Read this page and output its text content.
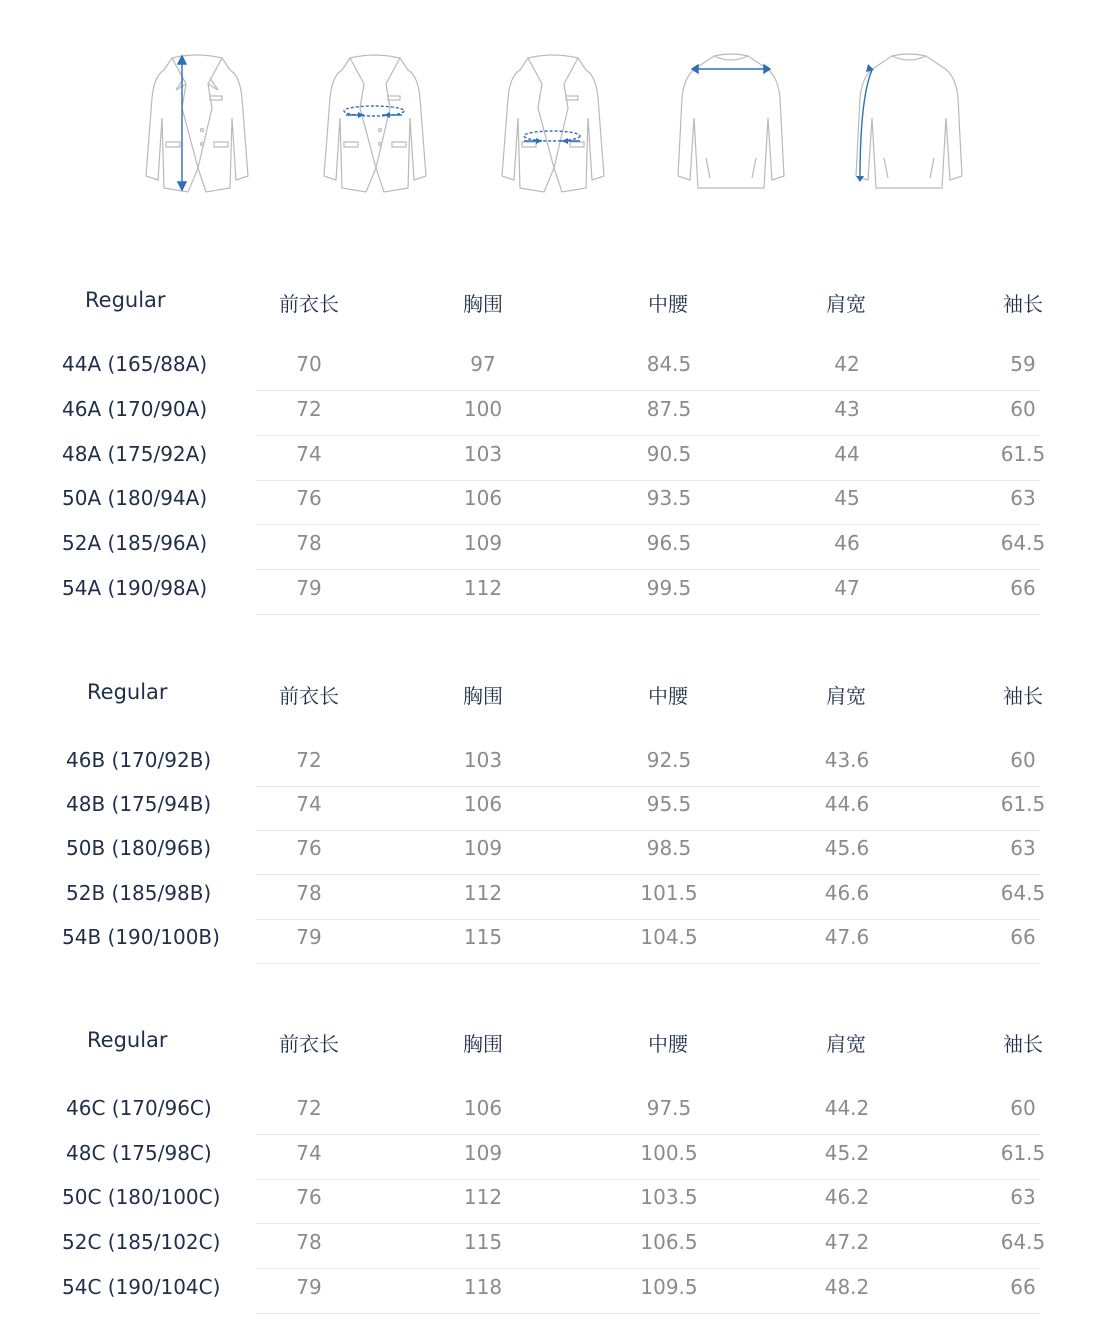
Regular	前衣长	胸围	中腰	肩宽	袖长
44A (165/88A)	70	97	84.5	42	59
46A (170/90A)	72	100	87.5	43	60
48A (175/92A)	74	103	90.5	44	61.5
50A (180/94A)	76	106	93.5	45	63
52A (185/96A)	78	109	96.5	46	64.5
54A (190/98A)	79	112	99.5	47	66
Regular	前衣长	胸围	中腰	肩宽	袖长
46B (170/92B)	72	103	92.5	43.6	60
48B (175/94B)	74	106	95.5	44.6	61.5
50B (180/96B)	76	109	98.5	45.6	63
52B (185/98B)	78	112	101.5	46.6	64.5
54B (190/100B)	79	115	104.5	47.6	66
Regular	前衣长	胸围	中腰	肩宽	袖长
46C (170/96C)	72	106	97.5	44.2	60
48C (175/98C)	74	109	100.5	45.2	61.5
50C (180/100C)	76	112	103.5	46.2	63
52C (185/102C)	78	115	106.5	47.2	64.5
54C (190/104C)	79	118	109.5	48.2	66
